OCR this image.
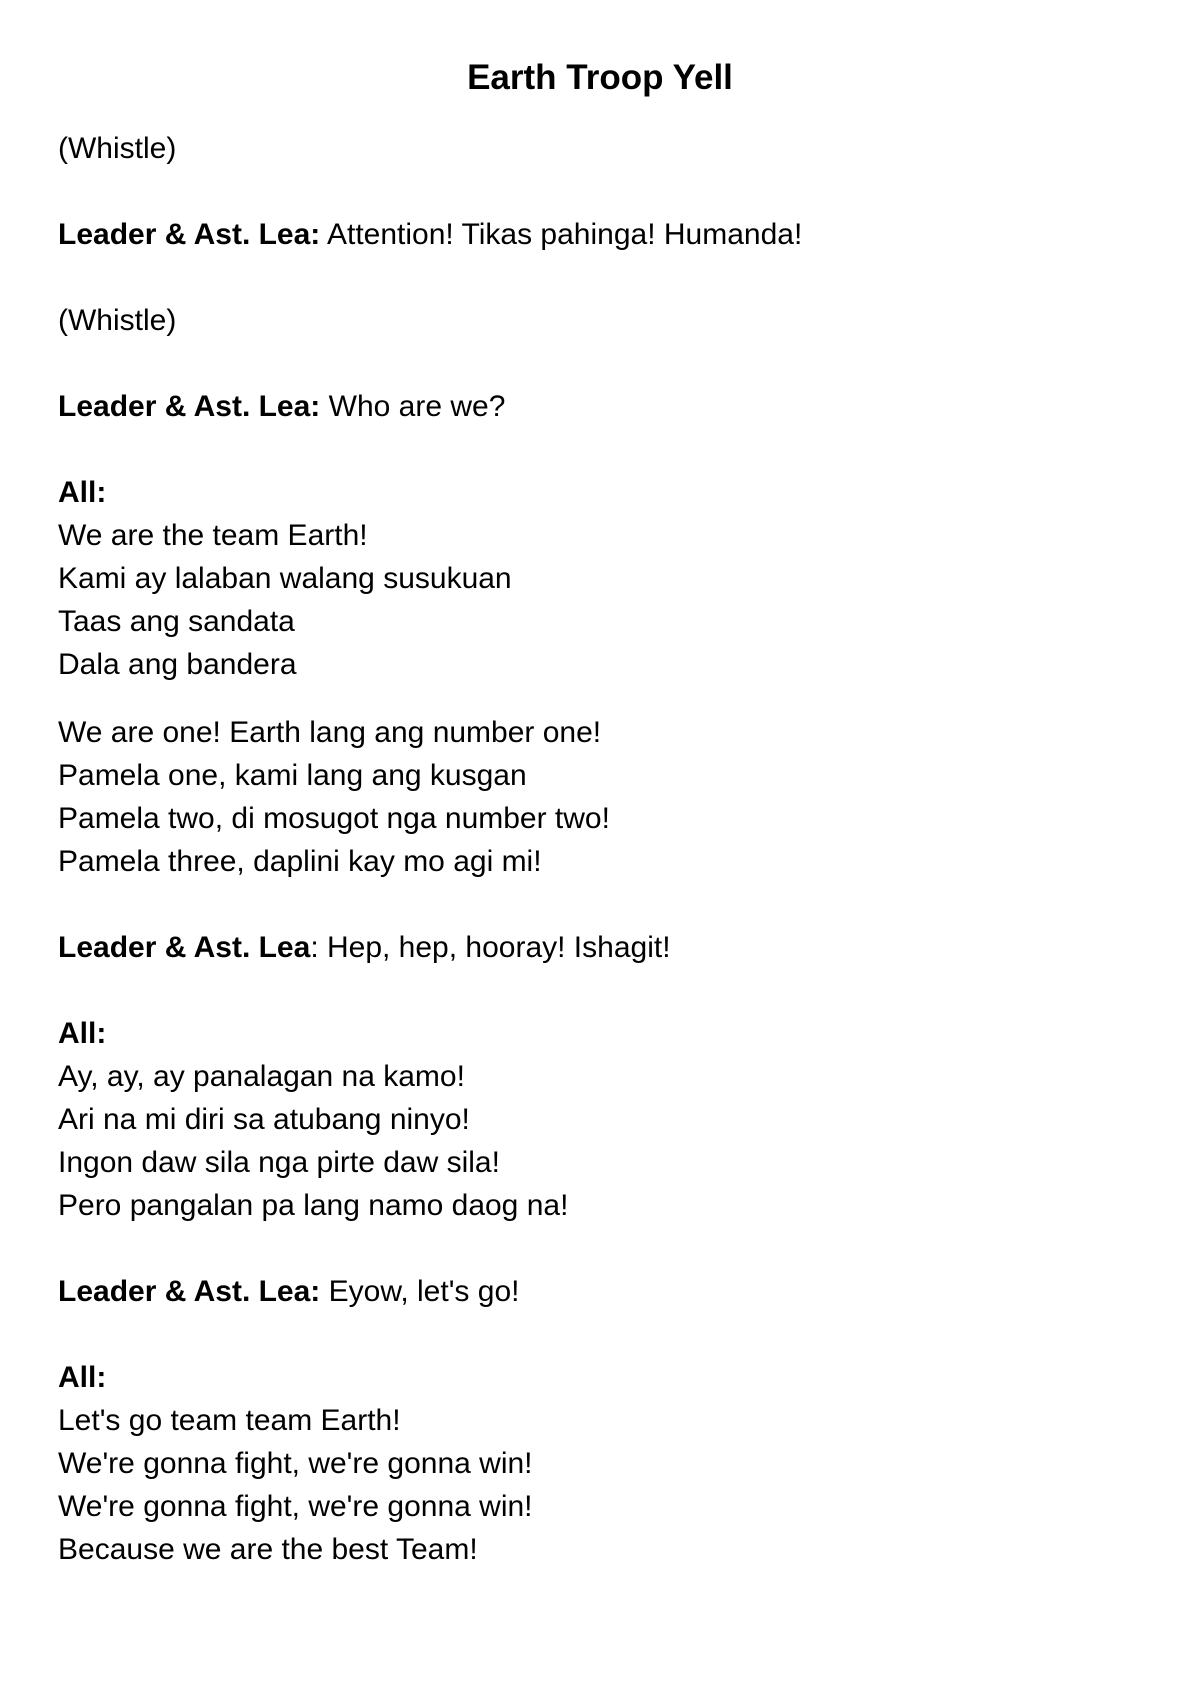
Earth Troop Yell

(Whistle)

Leader & Ast. Lea: Attention! Tikas pahinga! Humanda!

(Whistle)

Leader & Ast. Lea: Who are we?

All:
We are the team Earth!
Kami ay lalaban walang susukuan
Taas ang sandata
Dala ang bandera

We are one! Earth lang ang number one!
Pamela one, kami lang ang kusgan
Pamela two, di mosugot nga number two!
Pamela three, daplini kay mo agi mi!

Leader & Ast. Lea: Hep, hep, hooray! Ishagit!

All:
Ay, ay, ay panalagan na kamo!
Ari na mi diri sa atubang ninyo!
Ingon daw sila nga pirte daw sila!
Pero pangalan pa lang namo daog na!

Leader & Ast. Lea: Eyow, let's go!

All:
Let's go team team Earth!
We're gonna fight, we're gonna win!
We're gonna fight, we're gonna win!
Because we are the best Team!
